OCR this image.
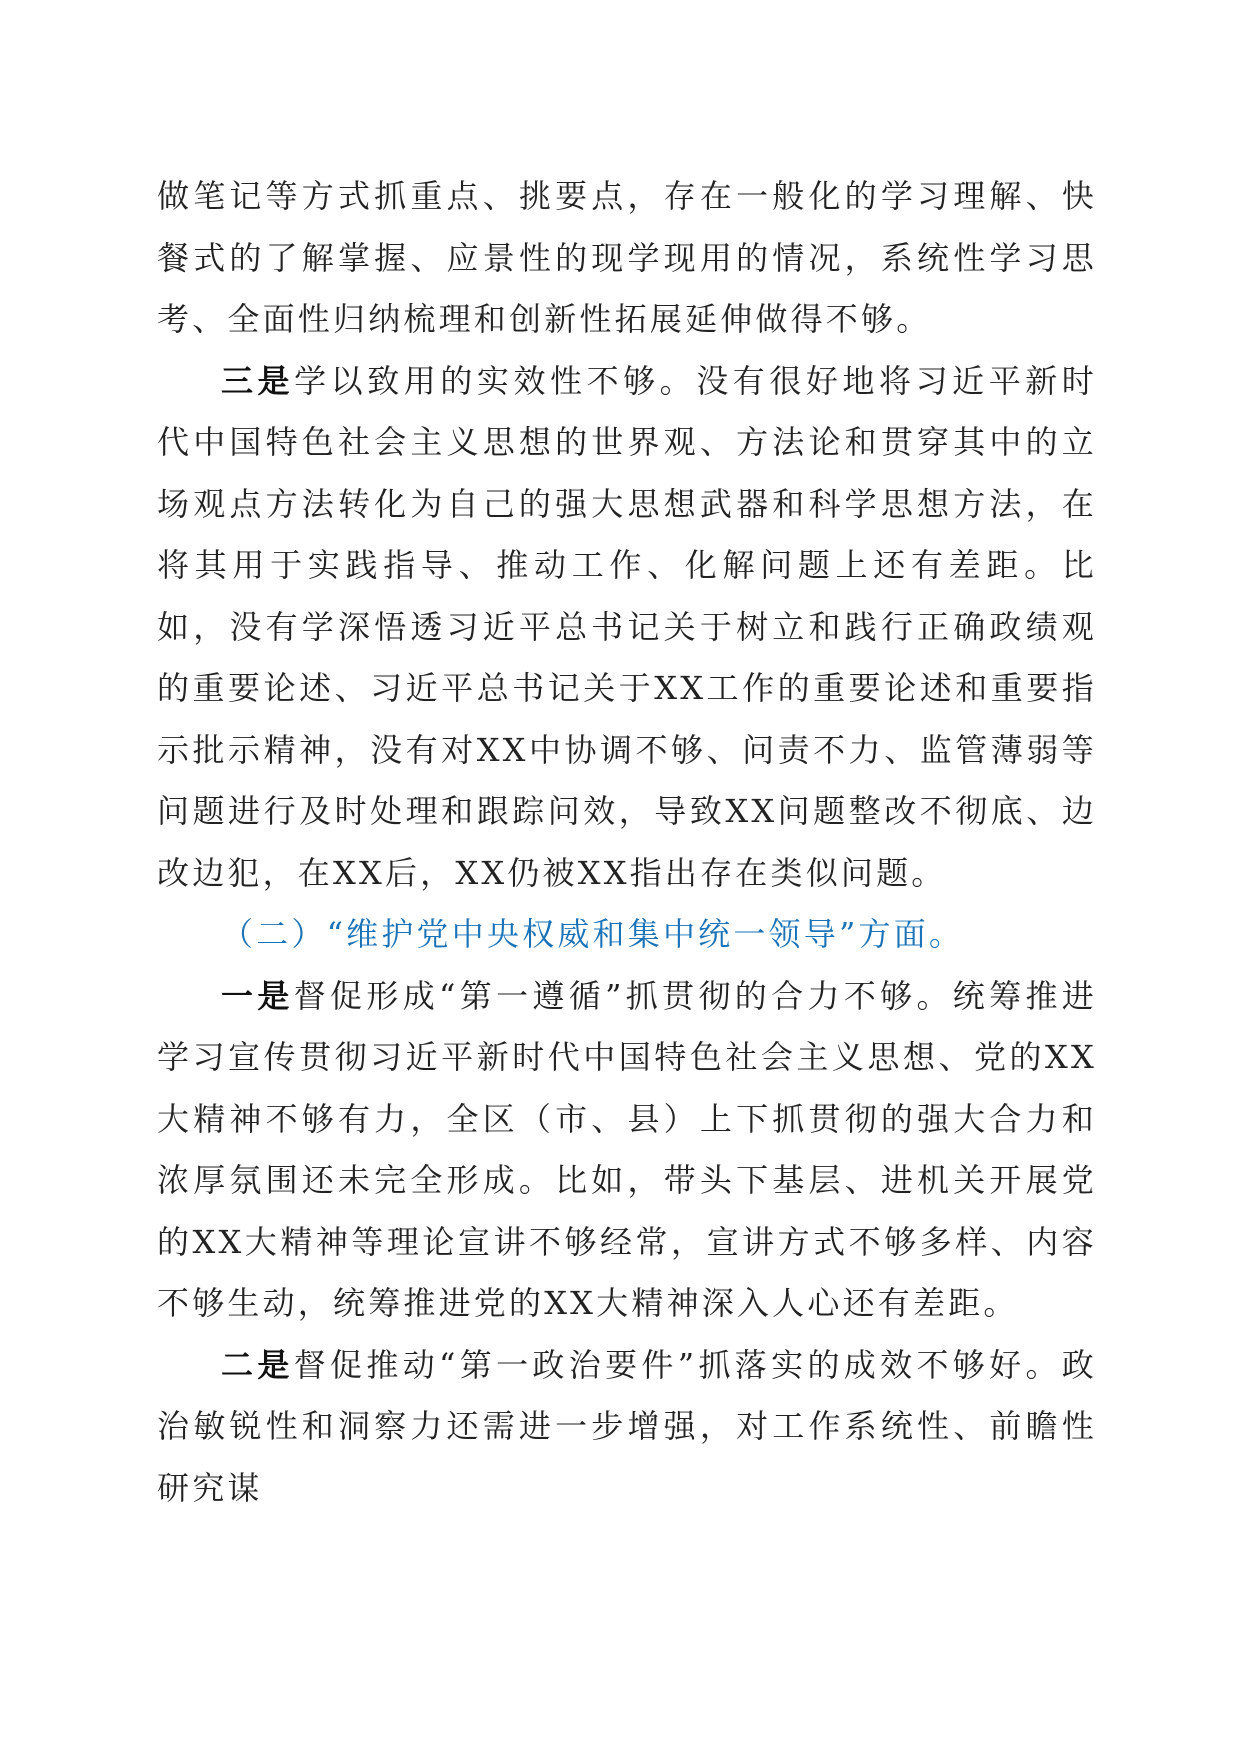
做笔记等方式抓重点、挑要点，存在一般化的学习理解、快餐式的了解掌握、应景性的现学现用的情况，系统性学习思考、全面性归纳梳理和创新性拓展延伸做得不够。

三是学以致用的实效性不够。没有很好地将习近平新时代中国特色社会主义思想的世界观、方法论和贯穿其中的立场观点方法转化为自己的强大思想武器和科学思想方法，在将其用于实践指导、推动工作、化解问题上还有差距。比如，没有学深悟透习近平总书记关于树立和践行正确政绩观的重要论述、习近平总书记关于XX工作的重要论述和重要指示批示精神，没有对XX中协调不够、问责不力、监管薄弱等问题进行及时处理和跟踪问效，导致XX问题整改不彻底、边改边犯，在XX后，XX仍被XX指出存在类似问题。

（二）“维护党中央权威和集中统一领导”方面。

一是督促形成“第一遵循”抓贯彻的合力不够。统筹推进学习宣传贯彻习近平新时代中国特色社会主义思想、党的XX大精神不够有力，全区（市、县）上下抓贯彻的强大合力和浓厚氛围还未完全形成。比如，带头下基层、进机关开展党的XX大精神等理论宣讲不够经常，宣讲方式不够多样、内容不够生动，统筹推进党的XX大精神深入人心还有差距。

二是督促推动“第一政治要件”抓落实的成效不够好。政治敏锐性和洞察力还需进一步增强，对工作系统性、前瞻性研究谋
